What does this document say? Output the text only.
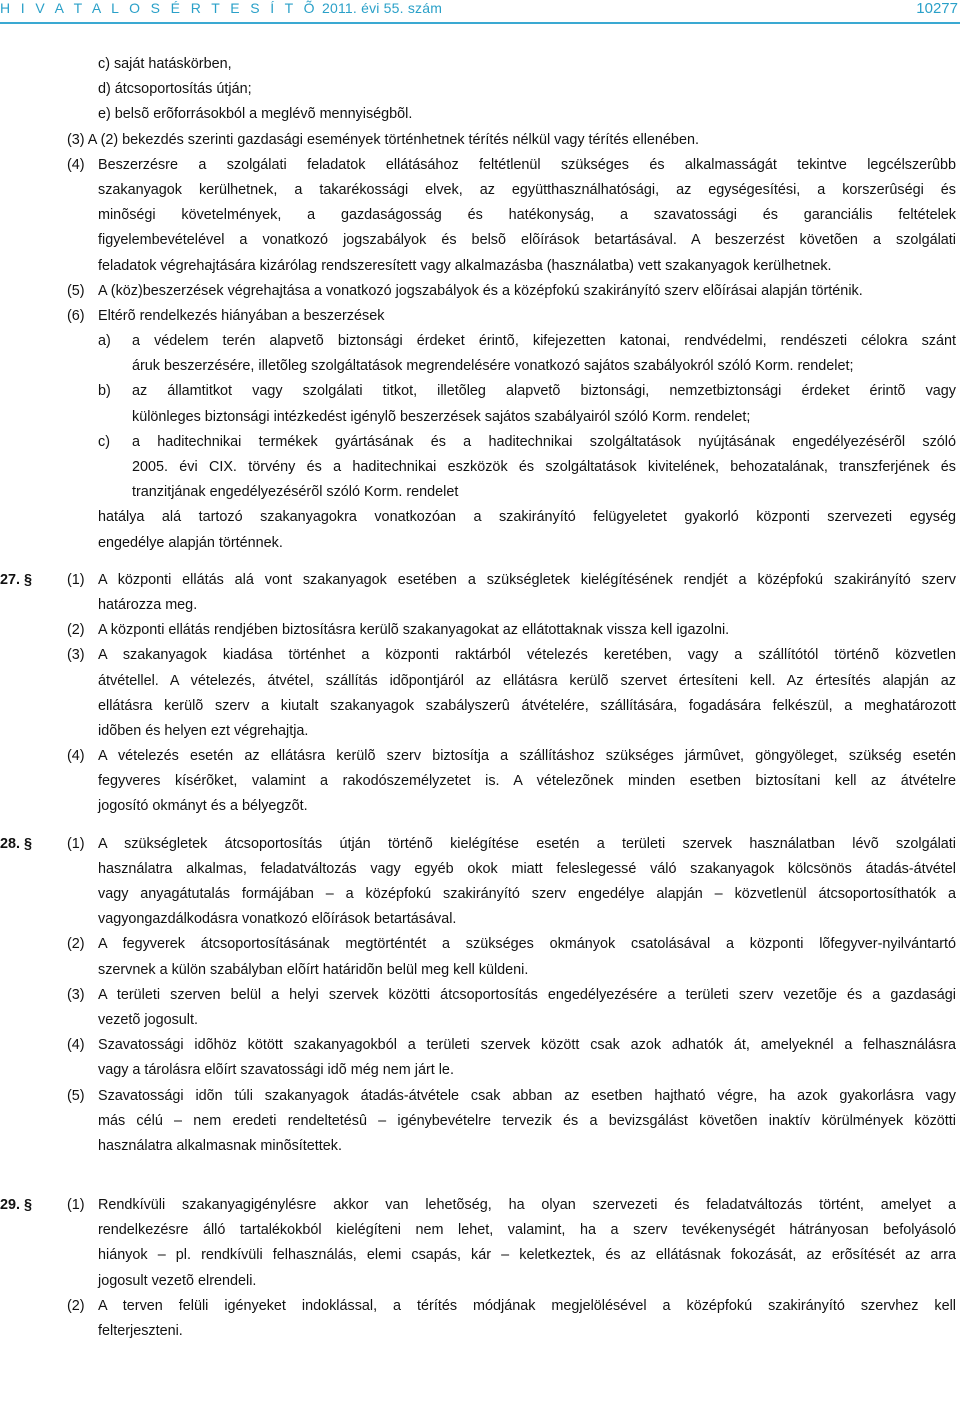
H I V A T A L O S É R T E S Í T Õ 2011. évi 55. szám	10277
c) saját hatáskörben,
d) átcsoportosítás útján;
e) belsõ erõforrásokból a meglévõ mennyiségbõl.
(3) A (2) bekezdés szerinti gazdasági események történhetnek térítés nélkül vagy térítés ellenében.
(4) Beszerzésre a szolgálati feladatok ellátásához feltétlenül szükséges és alkalmasságát tekintve legcélszerûbb
szakanyagok kerülhetnek, a takarékossági elvek, az együtthasználhatósági, az egységesítési, a korszerûségi és
minõségi követelmények, a gazdaságosság és hatékonyság, a szavatossági és garanciális feltételek
figyelembevételével a vonatkozó jogszabályok és belsõ elõírások betartásával. A beszerzést követõen a szolgálati
feladatok végrehajtására kizárólag rendszeresített vagy alkalmazásba (használatba) vett szakanyagok kerülhetnek.
(5) A (köz)beszerzések végrehajtása a vonatkozó jogszabályok és a középfokú szakirányító szerv elõírásai alapján történik.
(6) Eltérõ rendelkezés hiányában a beszerzések
a) a védelem terén alapvetõ biztonsági érdeket érintõ, kifejezetten katonai, rendvédelmi, rendészeti célokra szánt
áruk beszerzésére, illetõleg szolgáltatások megrendelésére vonatkozó sajátos szabályokról szóló Korm. rendelet;
b) az államtitkot vagy szolgálati titkot, illetõleg alapvetõ biztonsági, nemzetbiztonsági érdeket érintõ vagy
különleges biztonsági intézkedést igénylõ beszerzések sajátos szabályairól szóló Korm. rendelet;
c) a haditechnikai termékek gyártásának és a haditechnikai szolgáltatások nyújtásának engedélyezésérõl szóló
2005. évi CIX. törvény és a haditechnikai eszközök és szolgáltatások kivitelének, behozatalának, transzferjének és
tranzitjának engedélyezésérõl szóló Korm. rendelet
hatálya alá tartozó szakanyagokra vonatkozóan a szakirányító felügyeletet gyakorló központi szervezeti egység
engedélye alapján történnek.
27. § (1) A központi ellátás alá vont szakanyagok esetében a szükségletek kielégítésének rendjét a középfokú szakirányító szerv
határozza meg.
(2) A központi ellátás rendjében biztosításra kerülõ szakanyagokat az ellátottaknak vissza kell igazolni.
(3) A szakanyagok kiadása történhet a központi raktárból vételezés keretében, vagy a szállítótól történõ közvetlen
átvétellel. A vételezés, átvétel, szállítás idõpontjáról az ellátásra kerülõ szervet értesíteni kell. Az értesítés alapján az
ellátásra kerülõ szerv a kiutalt szakanyagok szabályszerû átvételére, szállítására, fogadására felkészül, a meghatározott
idõben és helyen ezt végrehajtja.
(4) A vételezés esetén az ellátásra kerülõ szerv biztosítja a szállításhoz szükséges jármûvet, göngyöleget, szükség esetén
fegyveres kísérõket, valamint a rakodószemélyzetet is. A vételezõnek minden esetben biztosítani kell az átvételre
jogosító okmányt és a bélyegzõt.
28. § (1) A szükségletek átcsoportosítás útján történõ kielégítése esetén a területi szervek használatban lévõ szolgálati
használatra alkalmas, feladatváltozás vagy egyéb okok miatt feleslegessé váló szakanyagok kölcsönös átadás-átvétel
vagy anyagátutalás formájában – a középfokú szakirányító szerv engedélye alapján – közvetlenül átcsoportosíthatók a
vagyongazdálkodásra vonatkozó elõírások betartásával.
(2) A fegyverek átcsoportosításának megtörténtét a szükséges okmányok csatolásával a központi lõfegyver-nyilvántartó
szervnek a külön szabályban elõírt határidõn belül meg kell küldeni.
(3) A területi szerven belül a helyi szervek közötti átcsoportosítás engedélyezésére a területi szerv vezetõje és a gazdasági
vezetõ jogosult.
(4) Szavatossági idõhöz kötött szakanyagokból a területi szervek között csak azok adhatók át, amelyeknél a felhasználásra
vagy a tárolásra elõírt szavatossági idõ még nem járt le.
(5) Szavatossági idõn túli szakanyagok átadás-átvétele csak abban az esetben hajtható végre, ha azok gyakorlásra vagy
más célú – nem eredeti rendeltetésû – igénybevételre tervezik és a bevizsgálást követõen inaktív körülmények közötti
használatra alkalmasnak minõsítettek.
29. § (1) Rendkívüli szakanyagigénylésre akkor van lehetõség, ha olyan szervezeti és feladatváltozás történt, amelyet a
rendelkezésre álló tartalékokból kielégíteni nem lehet, valamint, ha a szerv tevékenységét hátrányosan befolyásoló
hiányok – pl. rendkívüli felhasználás, elemi csapás, kár – keletkeztek, és az ellátásnak fokozását, az erõsítését az arra
jogosult vezetõ elrendeli.
(2) A terven felüli igényeket indoklással, a térítés módjának megjelölésével a középfokú szakirányító szervhez kell
felterjeszteni.
